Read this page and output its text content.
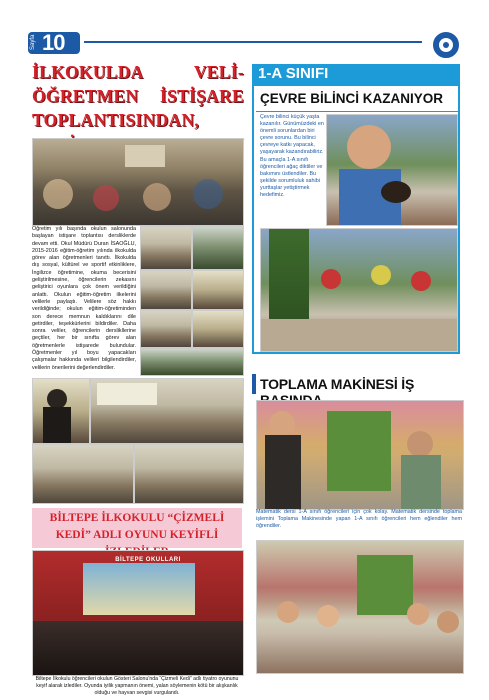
Sayfa 10
İLKOKULDA VELİ-ÖĞRETMEN İSTİŞARE TOPLANTISINDAN,
Öğretim yılı başında okulun salonunda başlayan istişare toplantısı dersliklerde devam etti. Okul Müdürü Duran İSAOĞLU, 2015-2016 eğitim-öğretim yılında ilkokulda görev alan öğretmenleri tanıttı. İlkokulda dış sosyal, kültürel ve sportif etkinliklere, İngilizce öğretimine, okuma becerisini geliştirilmesine, öğrencilerin zekasını geliştirici oyunlara çok önem verildiğini anlattı. Okulun eğitim-öğretim ilkelerini velilerle paylaştı. Velilere söz hakkı verildiğinde; okulun eğitim-öğretiminden son derece memnun kaldıklarını dile getirdiler, teşekkürlerini bildirdiler. Daha sonra veliler, öğrencilerin derslikllerine geçtiler, her bir sınıfta görev alan öğretmenlerle istişarede bulundular. Öğretmenler yıl boyu yapacakları çalışmalar hakkında velileri bilgilendirdiler, velilerin önerilerini değerlendirdiler.
BİLTEPE İLKOKULU “ÇİZMELİ KEDİ” ADLI OYUNU KEYİFLİ
BİLTEPE OKULLARI
Biltepe İlkokulu öğrencileri okulun Gösteri Salonu'nda “Çizmeli Kedi” adlı tiyatro oyununu keyif alarak izlediler. Oyunda iyilik yapmanın önemi, yalan söylemenin kötü bir alışkanlık olduğu ve hayvan sevgisi vurgulandı.
1-A SINIFI
ÇEVRE BİLİNCİ KAZANIYOR
Çevre bilinci küçük yaşta kazanılır. Günümüzdeki en önemli sorunlardan biri çevre sorunu. Bu bilinci çevreye katkı yapacak, yaşayarak kazandırabiliriz. Bu amaçla 1-A sınıfı öğrencileri ağaç diktiler ve bakımını üstlendiler. Bu şekilde sorumluluk sahibi yurttaşlar yetiştirmek hedefimiz.
TOPLAMA MAKİNESİ İŞ
Matematik dersi 1-A sınıfı öğrencileri için çok kolay. Matematik dersinde toplama işlemini Toplama Makinesinde yapan 1-A sınıfı öğrencileri hem eğlendiler hem öğrendiler.
